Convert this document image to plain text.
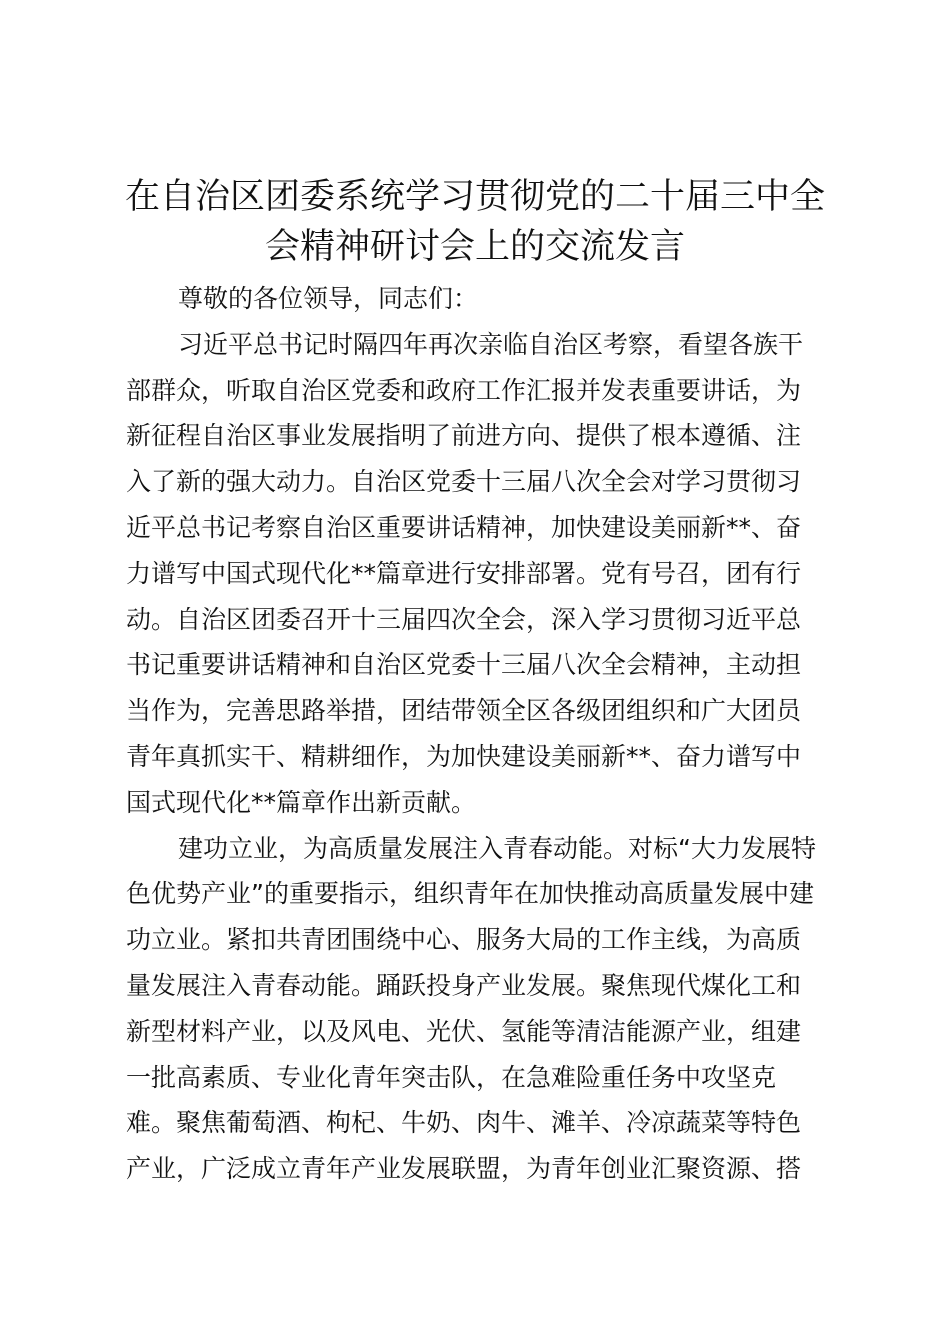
在自治区团委系统学习贯彻党的二十届三中全
会精神研讨会上的交流发言
尊敬的各位领导，同志们：
习近平总书记时隔四年再次亲临自治区考察，看望各族干
部群众，听取自治区党委和政府工作汇报并发表重要讲话，为
新征程自治区事业发展指明了前进方向、提供了根本遵循、注
入了新的强大动力。自治区党委十三届八次全会对学习贯彻习
近平总书记考察自治区重要讲话精神，加快建设美丽新**、奋
力谱写中国式现代化**篇章进行安排部署。党有号召，团有行
动。自治区团委召开十三届四次全会，深入学习贯彻习近平总
书记重要讲话精神和自治区党委十三届八次全会精神，主动担
当作为，完善思路举措，团结带领全区各级团组织和广大团员
青年真抓实干、精耕细作，为加快建设美丽新**、奋力谱写中
国式现代化**篇章作出新贡献。
建功立业，为高质量发展注入青春动能。对标“大力发展特
色优势产业”的重要指示，组织青年在加快推动高质量发展中建
功立业。紧扣共青团围绕中心、服务大局的工作主线，为高质
量发展注入青春动能。踊跃投身产业发展。聚焦现代煤化工和
新型材料产业，以及风电、光伏、氢能等清洁能源产业，组建
一批高素质、专业化青年突击队，在急难险重任务中攻坚克
难。聚焦葡萄酒、枸杞、牛奶、肉牛、滩羊、冷凉蔬菜等特色
产业，广泛成立青年产业发展联盟，为青年创业汇聚资源、搭
